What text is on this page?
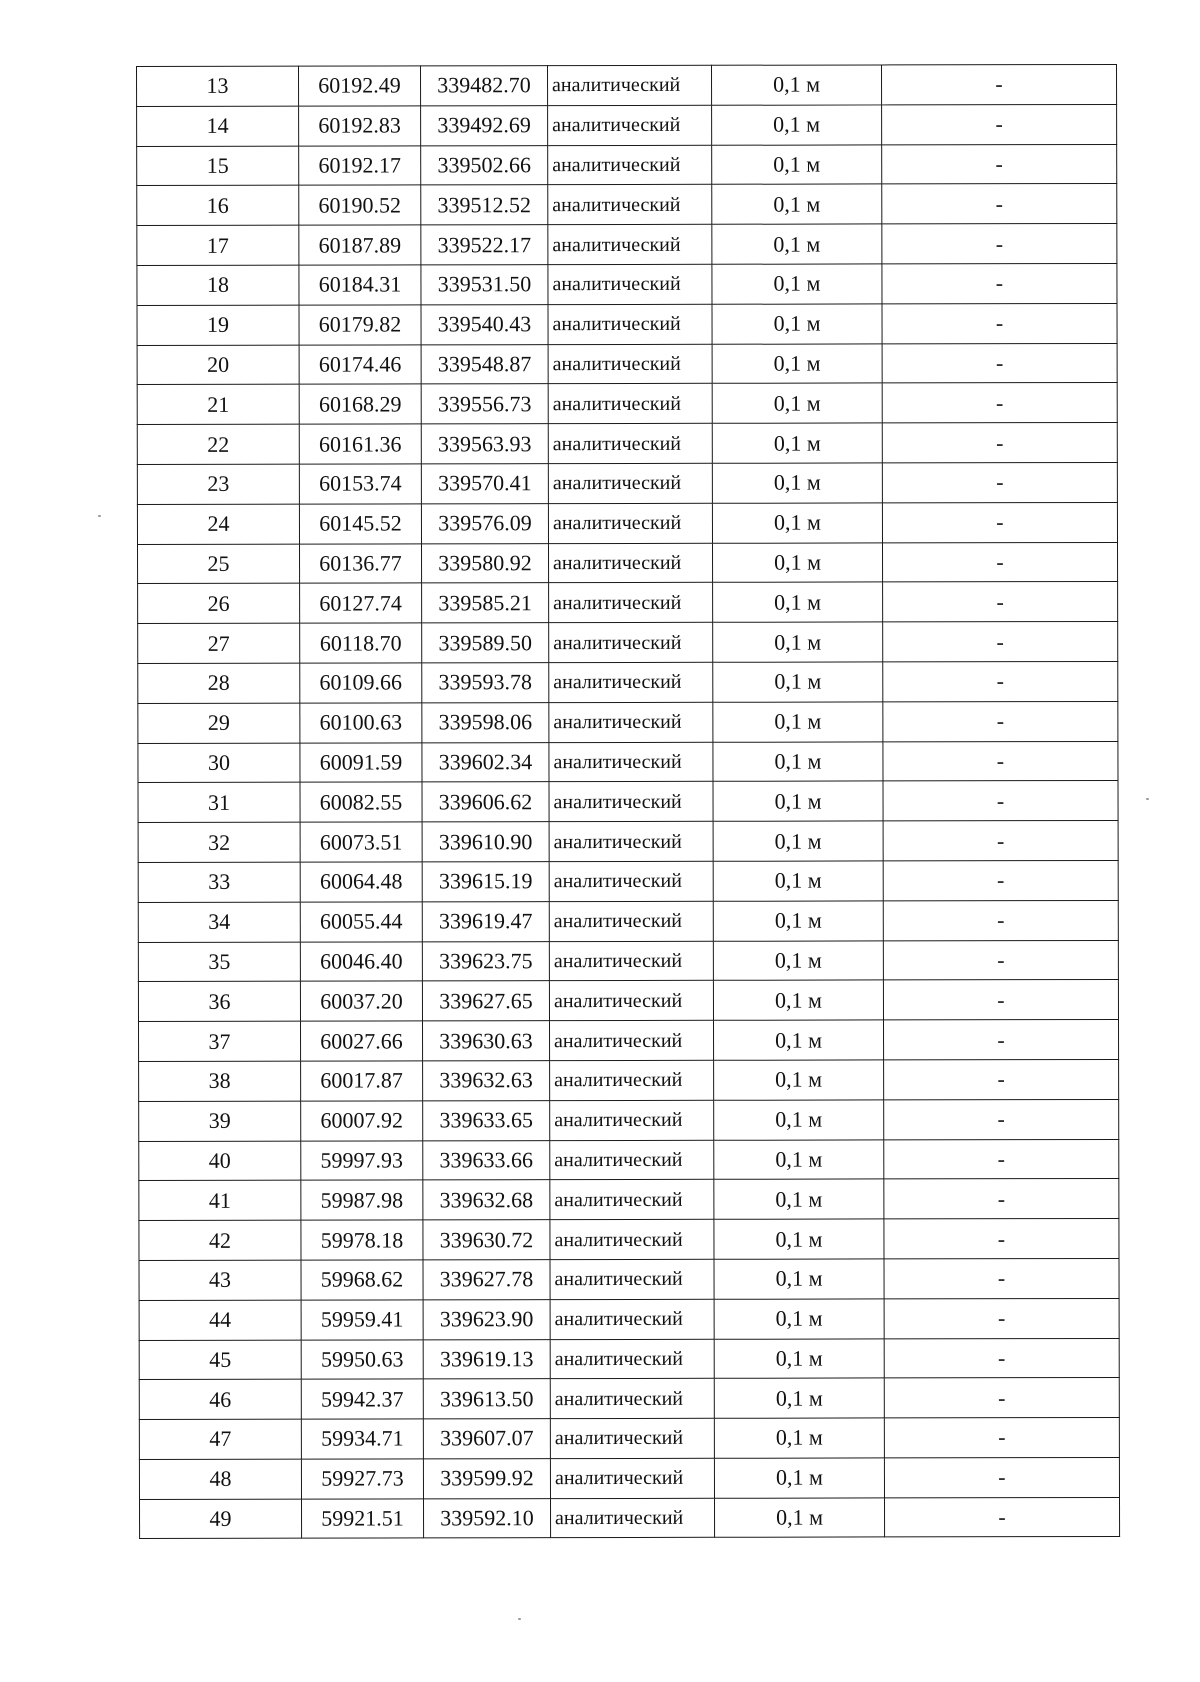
13	60192.49	339482.70	аналитический	0,1 м	-
14	60192.83	339492.69	аналитический	0,1 м	-
15	60192.17	339502.66	аналитический	0,1 м	-
16	60190.52	339512.52	аналитический	0,1 м	-
17	60187.89	339522.17	аналитический	0,1 м	-
18	60184.31	339531.50	аналитический	0,1 м	-
19	60179.82	339540.43	аналитический	0,1 м	-
20	60174.46	339548.87	аналитический	0,1 м	-
21	60168.29	339556.73	аналитический	0,1 м	-
22	60161.36	339563.93	аналитический	0,1 м	-
23	60153.74	339570.41	аналитический	0,1 м	-
24	60145.52	339576.09	аналитический	0,1 м	-
25	60136.77	339580.92	аналитический	0,1 м	-
26	60127.74	339585.21	аналитический	0,1 м	-
27	60118.70	339589.50	аналитический	0,1 м	-
28	60109.66	339593.78	аналитический	0,1 м	-
29	60100.63	339598.06	аналитический	0,1 м	-
30	60091.59	339602.34	аналитический	0,1 м	-
31	60082.55	339606.62	аналитический	0,1 м	-
32	60073.51	339610.90	аналитический	0,1 м	-
33	60064.48	339615.19	аналитический	0,1 м	-
34	60055.44	339619.47	аналитический	0,1 м	-
35	60046.40	339623.75	аналитический	0,1 м	-
36	60037.20	339627.65	аналитический	0,1 м	-
37	60027.66	339630.63	аналитический	0,1 м	-
38	60017.87	339632.63	аналитический	0,1 м	-
39	60007.92	339633.65	аналитический	0,1 м	-
40	59997.93	339633.66	аналитический	0,1 м	-
41	59987.98	339632.68	аналитический	0,1 м	-
42	59978.18	339630.72	аналитический	0,1 м	-
43	59968.62	339627.78	аналитический	0,1 м	-
44	59959.41	339623.90	аналитический	0,1 м	-
45	59950.63	339619.13	аналитический	0,1 м	-
46	59942.37	339613.50	аналитический	0,1 м	-
47	59934.71	339607.07	аналитический	0,1 м	-
48	59927.73	339599.92	аналитический	0,1 м	-
49	59921.51	339592.10	аналитический	0,1 м	-
